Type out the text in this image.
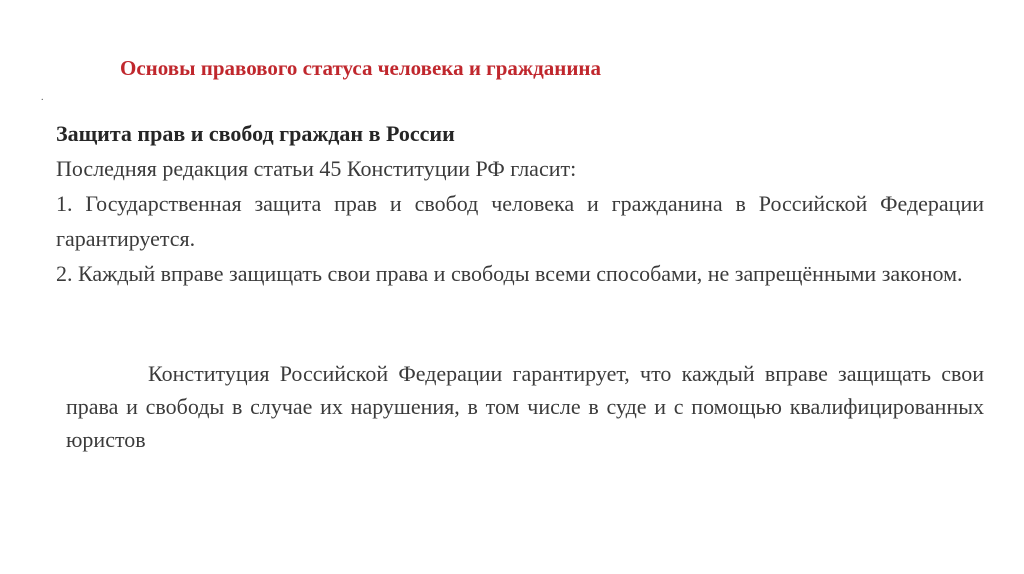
Основы правового статуса человека и гражданина
.
Защита прав и свобод граждан в России
Последняя редакция статьи 45 Конституции РФ гласит:
1. Государственная защита прав и свобод человека и гражданина в Российской Федерации гарантируется.
2. Каждый вправе защищать свои права и свободы всеми способами, не запрещёнными законом.
Конституция Российской Федерации гарантирует, что каждый вправе защищать свои права и свободы в случае их нарушения, в том числе в суде и с помощью квалифицированных юристов
